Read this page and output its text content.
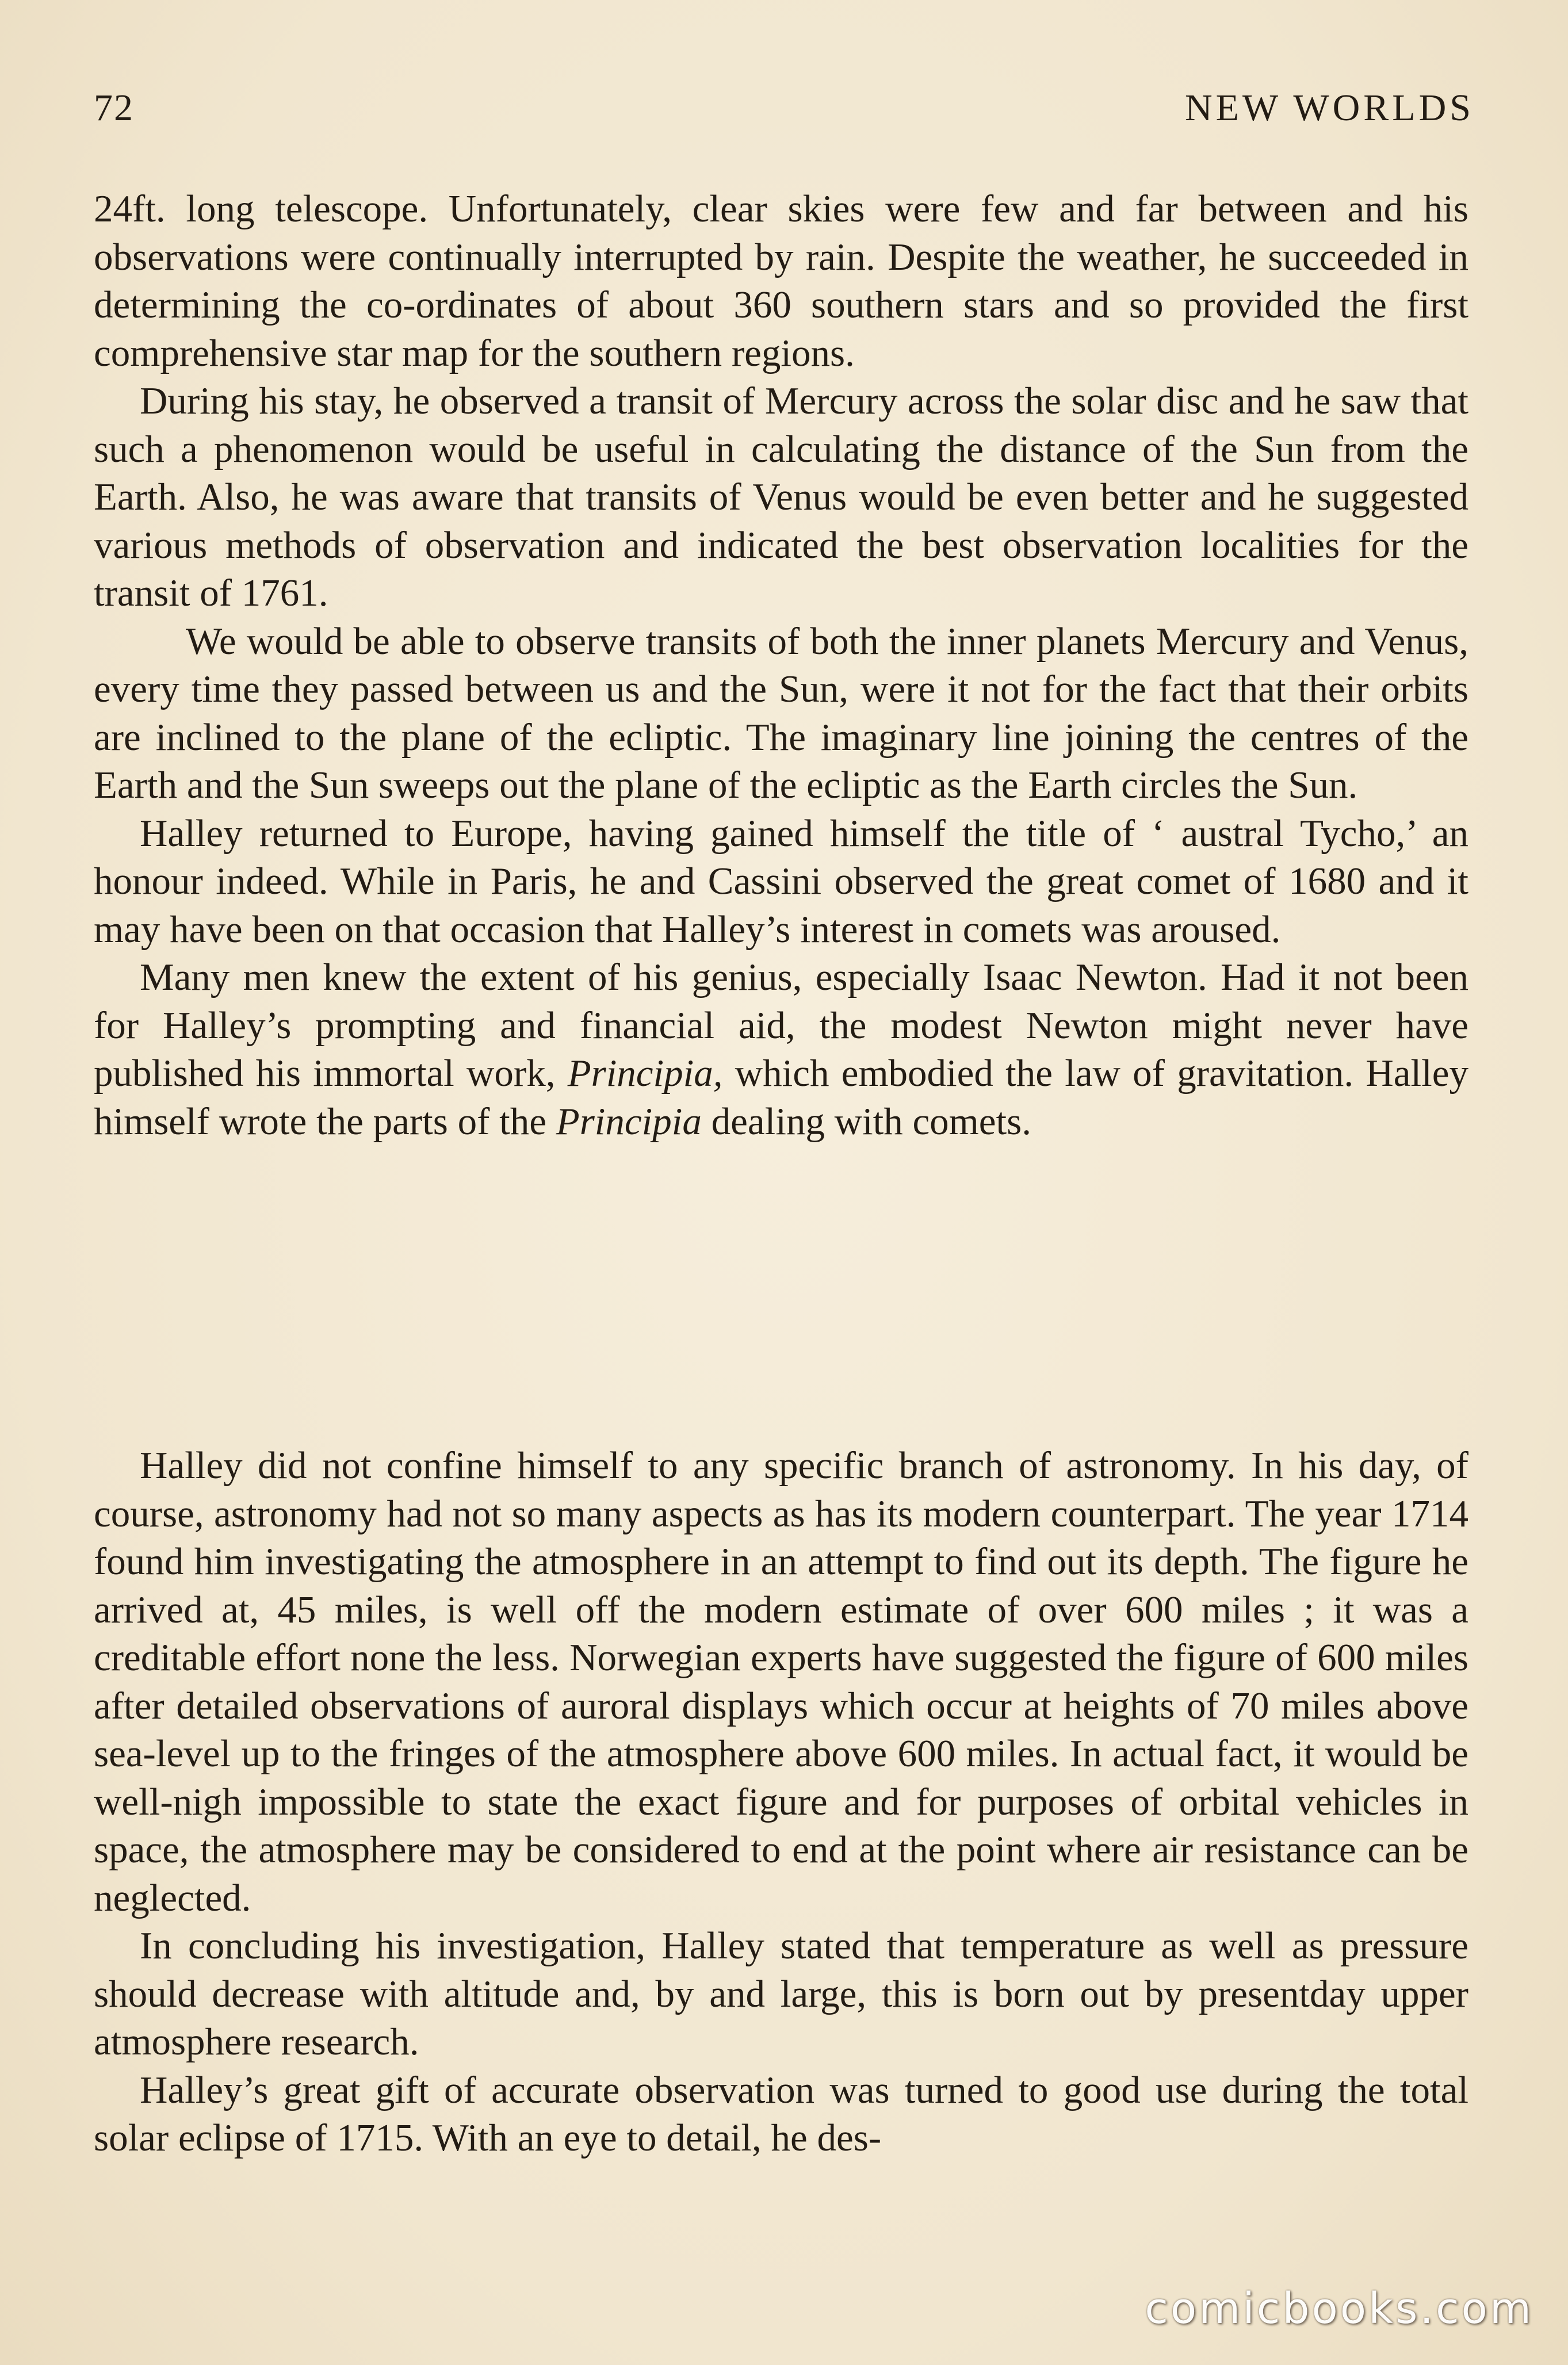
72	NEW WORLDS

24ft. long telescope. Unfortunately, clear skies were few and far between and his observations were continually interrupted by rain. Despite the weather, he succeeded in determining the co-ordinates of about 360 southern stars and so provided the first comprehensive star map for the southern regions.

During his stay, he observed a transit of Mercury across the solar disc and he saw that such a phenomenon would be useful in calculating the distance of the Sun from the Earth. Also, he was aware that transits of Venus would be even better and he suggested various methods of observation and indicated the best observation localities for the transit of 1761.

We would be able to observe transits of both the inner planets Mercury and Venus, every time they passed between us and the Sun, were it not for the fact that their orbits are inclined to the plane of the ecliptic. The imaginary line joining the centres of the Earth and the Sun sweeps out the plane of the ecliptic as the Earth circles the Sun.

Halley returned to Europe, having gained himself the title of ‘ austral Tycho,’ an honour indeed. While in Paris, he and Cassini observed the great comet of 1680 and it may have been on that occasion that Halley’s interest in comets was aroused.

Many men knew the extent of his genius, especially Isaac Newton. Had it not been for Halley’s prompting and financial aid, the modest Newton might never have published his immortal work, Principia, which embodied the law of gravitation. Halley himself wrote the parts of the Principia dealing with comets.

Halley did not confine himself to any specific branch of astronomy. In his day, of course, astronomy had not so many aspects as has its modern counterpart. The year 1714 found him investigating the atmosphere in an attempt to find out its depth. The figure he arrived at, 45 miles, is well off the modern estimate of over 600 miles ; it was a creditable effort none the less. Norwegian experts have suggested the figure of 600 miles after detailed observations of auroral displays which occur at heights of 70 miles above sea-level up to the fringes of the atmosphere above 600 miles. In actual fact, it would be well-nigh impossible to state the exact figure and for purposes of orbital vehicles in space, the atmosphere may be considered to end at the point where air resistance can be neglected.

In concluding his investigation, Halley stated that temperature as well as pressure should decrease with altitude and, by and large, this is born out by presentday upper atmosphere research.

Halley’s great gift of accurate observation was turned to good use during the total solar eclipse of 1715. With an eye to detail, he des-

comicbooks.com
